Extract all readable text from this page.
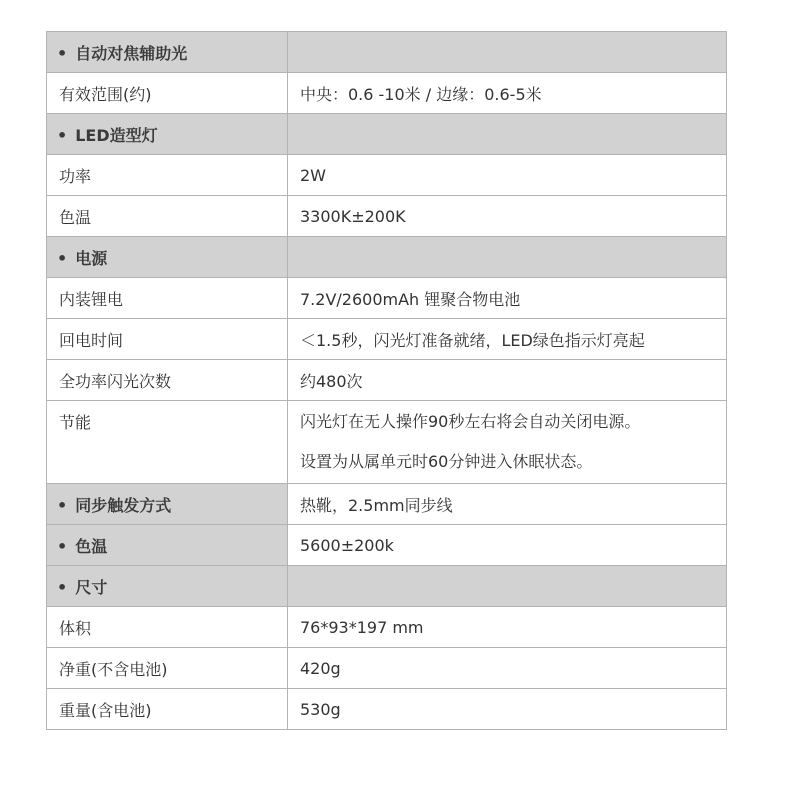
• 自动对焦辅助光	
有效范围(约)	中央：0.6 -10米 / 边缘：0.6-5米
• LED造型灯	
功率	2W
色温	3300K±200K
• 电源	
内装锂电	7.2V/2600mAh 锂聚合物电池
回电时间	＜1.5秒，闪光灯准备就绪，LED绿色指示灯亮起
全功率闪光次数	约480次
节能	闪光灯在无人操作90秒左右将会自动关闭电源。
设置为从属单元时60分钟进入休眠状态。

• 同步触发方式	热靴，2.5mm同步线
• 色温	5600±200k
• 尺寸	
体积	76*93*197 mm
净重(不含电池)	420g
重量(含电池)	530g
